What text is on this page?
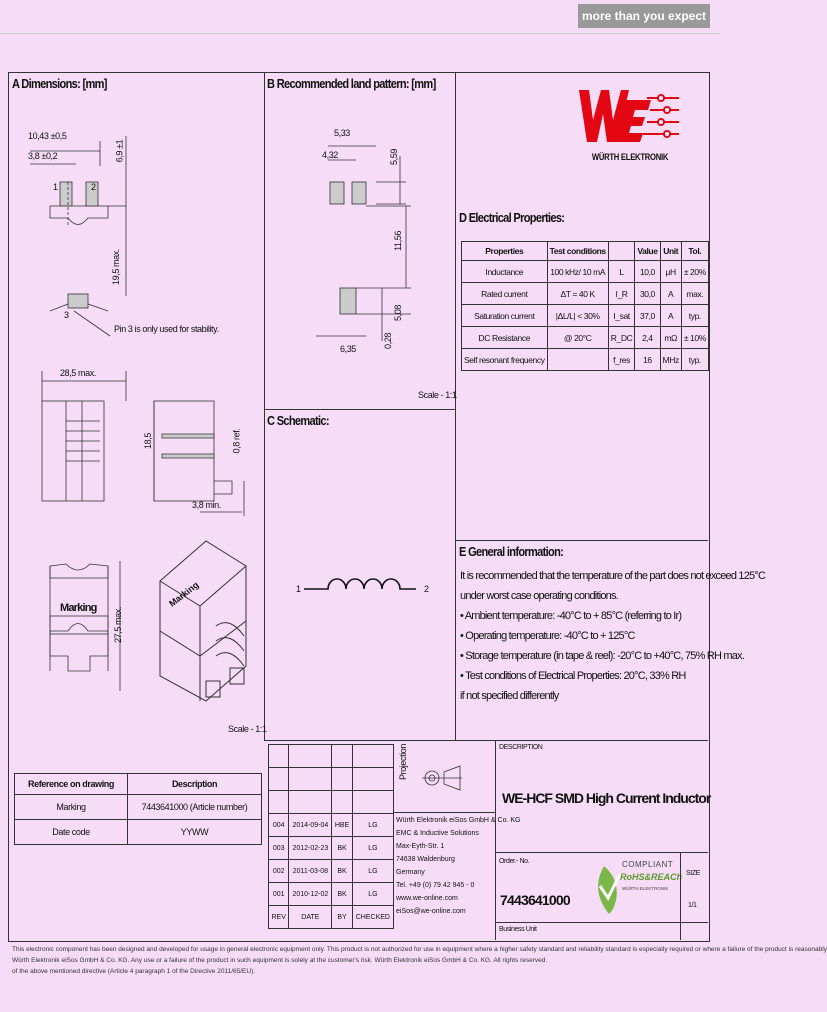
more than you expect
A Dimensions: [mm]	B Recommended land pattern: [mm]
C Schematic:
D Electrical Properties:
E General information:
WÜRTH ELEKTRONIK
Marking
10,43 ±0,5
3,8 ±0,2	6,9 ±1
19,5 max.
1	2
3
Pin 3 is only used for stability.
28,5 max.
18,5	0,8 ref.
3,8 min.
27,5 max.
Marking
Scale - 1:1
Reference on drawing	Description
Marking	7443641000 (Article number)
Date code	YYWW
5,33
4,32	5,59
11,56
5,08
0,28
6,35
Scale - 1:1
1	2
Properties	Test conditions		Value	Unit	Tol.
Inductance	100 kHz/ 10 mA	L	10,0	µH	± 20%
Rated current	ΔT = 40 K	I_R	30,0	A	max.
Saturation current	|ΔL/L| < 30%	I_sat	37,0	A	typ.
DC Resistance	@ 20°C	R_DC	2,4	mΩ	± 10%
Self resonant frequency		f_res	16	MHz	typ.
It is recommended that the temperature of the part does not exceed 125°C
under worst case operating conditions.
• Ambient temperature: -40°C to + 85°C (referring to Ir)
• Operating temperature: -40°C to + 125°C
• Storage temperature (in tape & reel): -20°C to +40°C, 75% RH max.
• Test conditions of Electrical Properties: 20°C, 33% RH
if not specified differently

004	2014-09-04	HBE	LG
003	2012-02-23	BK	LG
002	2011-03-08	BK	LG
001	2010-12-02	BK	LG
REV	DATE	BY	CHECKED
Projection
Würth Elektronik eiSos GmbH & Co. KG
EMC & Inductive Solutions
Max-Eyth-Str. 1
74638 Waldenburg
Germany
Tel. +49 (0) 79 42 945 - 0
www.we-online.com
eiSos@we-online.com
DESCRIPTION
WE-HCF SMD High Current Inductor
Order.- No.
7443641000
COMPLIANT
RoHS&REACh
WÜRTH ELEKTRONIK
SIZE
1/1
Business Unit
This electronic component has been designed and developed for usage in general electronic equipment only. This product is not authorized for use in equipment where a higher safety standard and reliability standard is especially required or where a failure of the product is reasonably
Würth Elektronik eiSos GmbH & Co. KG. Any use or a failure of the product in such equipment is solely at the customer's risk. Würth Elektronik eiSos GmbH & Co. KG. All rights reserved.
of the above mentioned directive (Article 4 paragraph 1 of the Directive 2011/65/EU).
